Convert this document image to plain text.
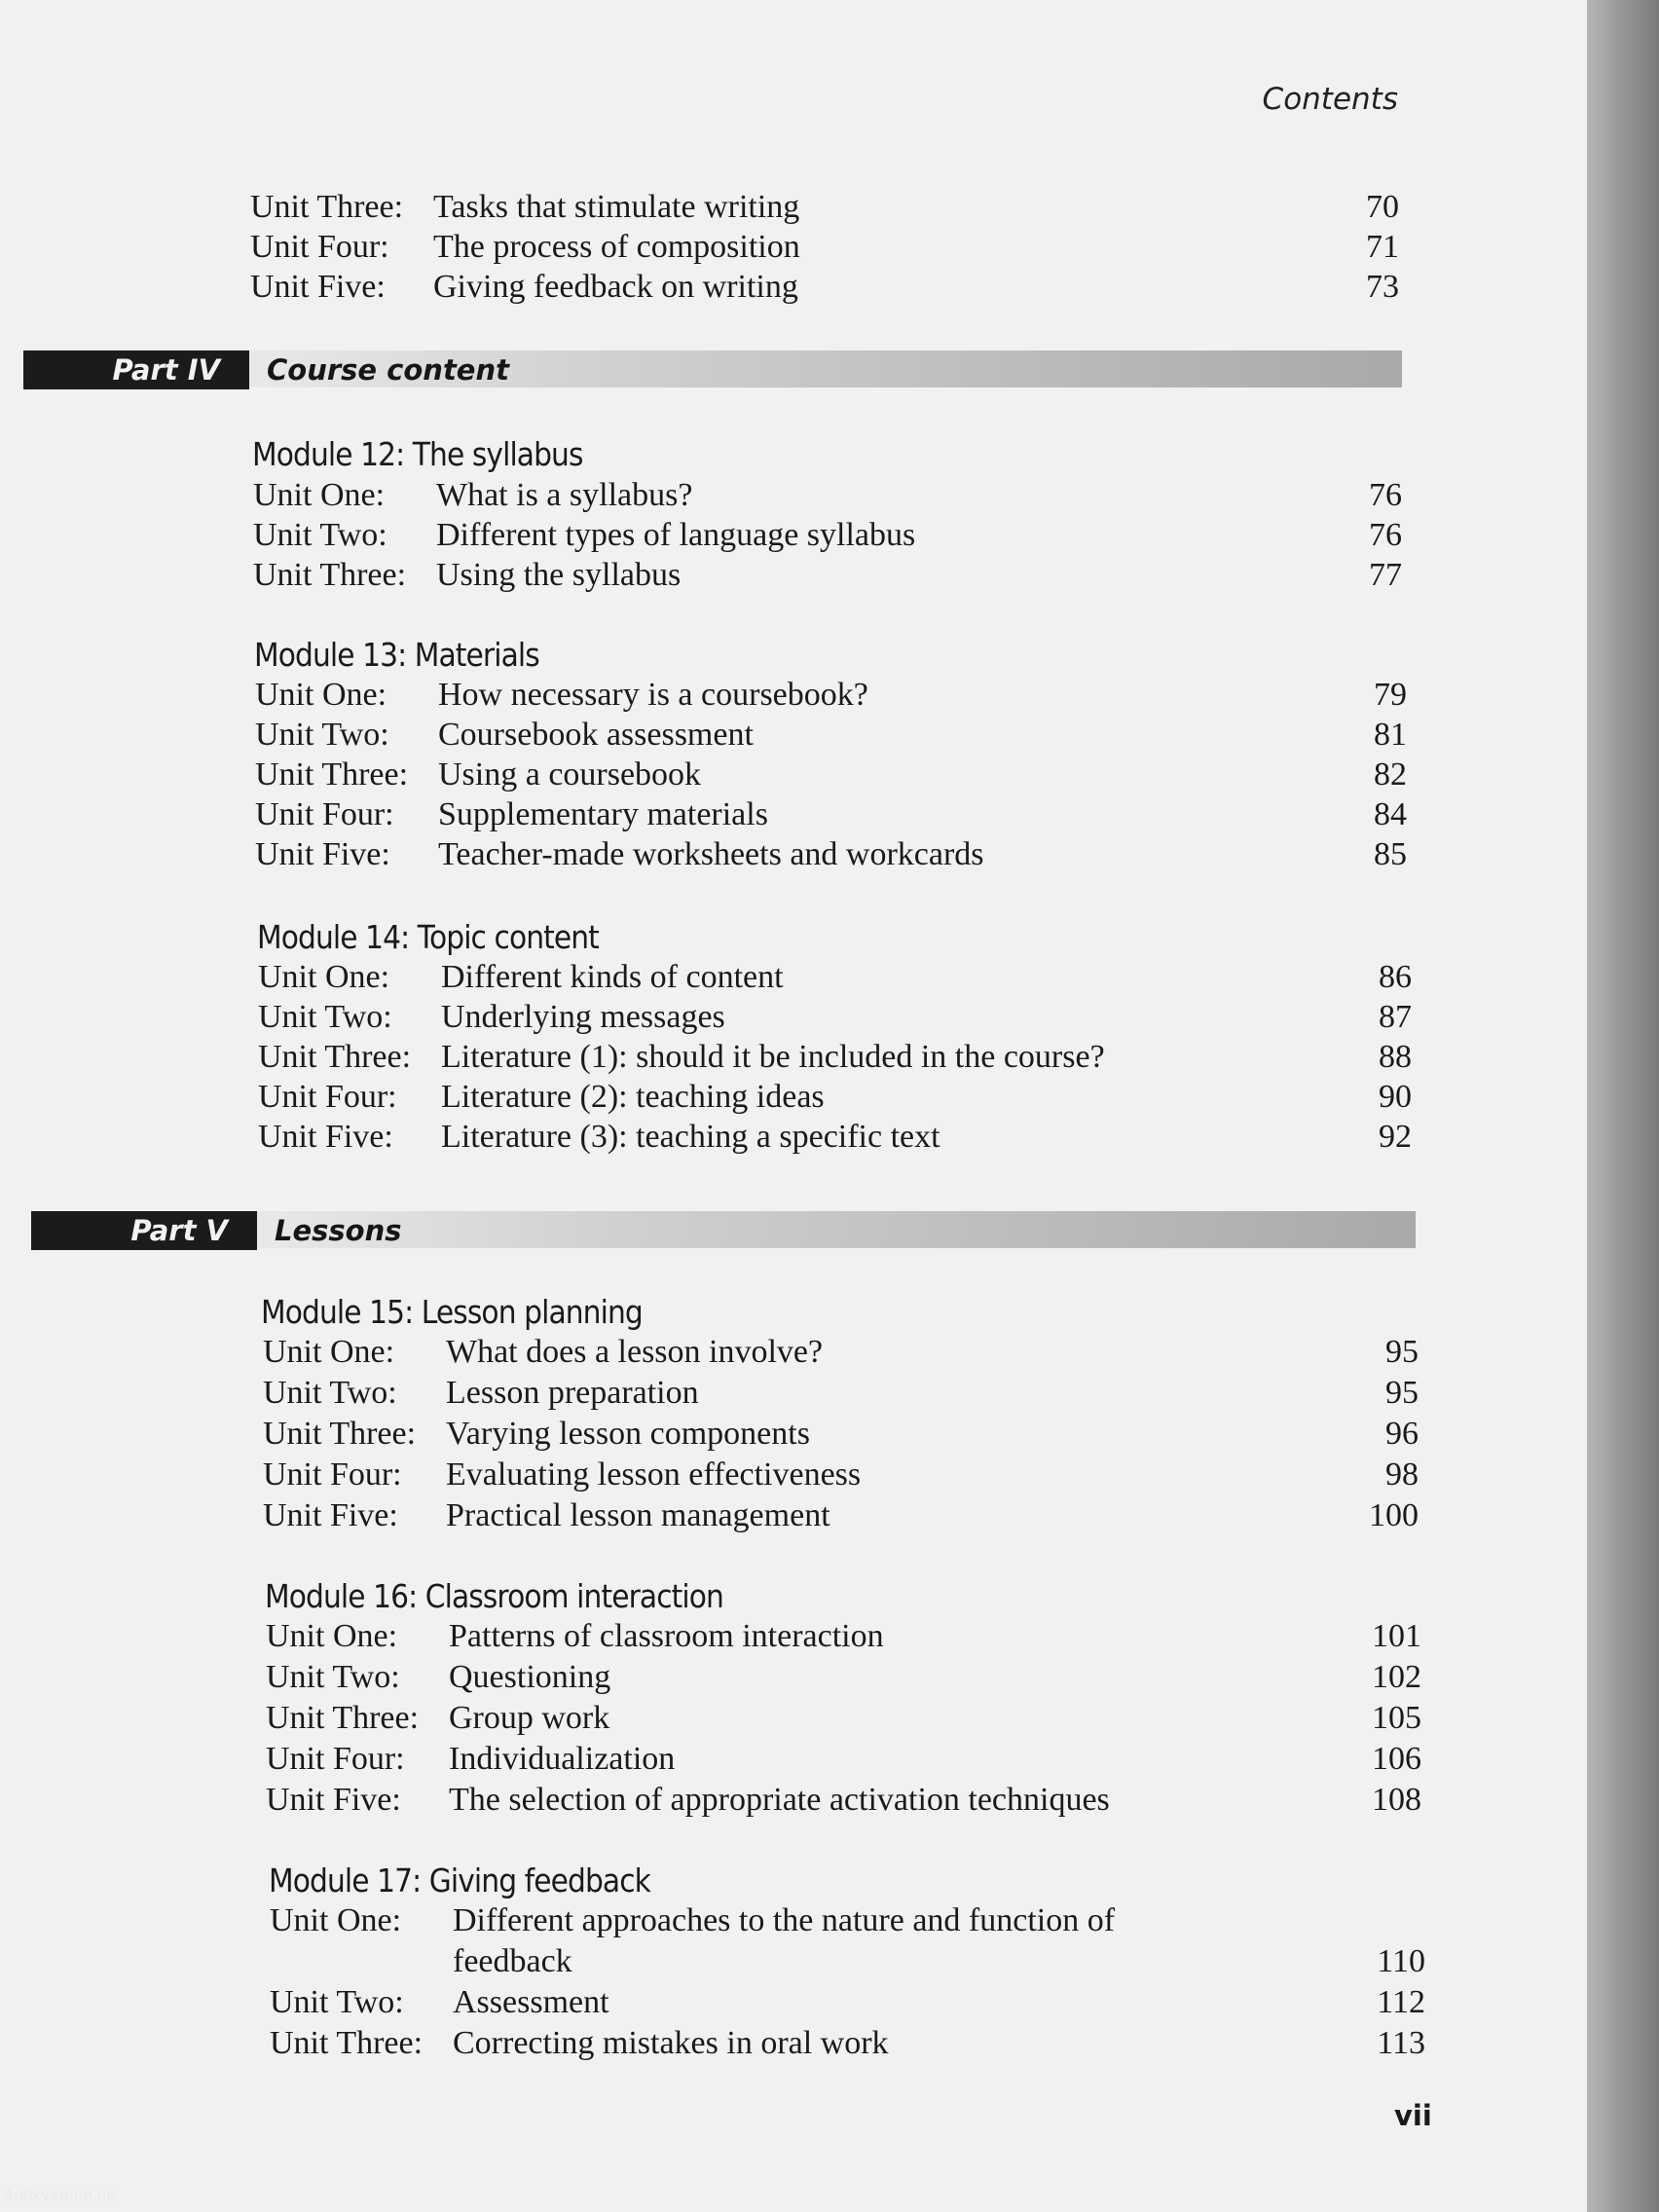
Contents
Unit Three: Tasks that stimulate writing	70
Unit Four: The process of composition	71
Unit Five: Giving feedback on writing	73
Part IV Course content
Module 12: The syllabus
Unit One: What is a syllabus?	76
Unit Two: Different types of language syllabus	76
Unit Three: Using the syllabus	77
Module 13: Materials
Unit One: How necessary is a coursebook?	79
Unit Two: Coursebook assessment	81
Unit Three: Using a coursebook	82
Unit Four: Supplementary materials	84
Unit Five: Teacher-made worksheets and workcards	85
Module 14: Topic content
Unit One: Different kinds of content	86
Unit Two: Underlying messages	87
Unit Three: Literature (1): should it be included in the course?	88
Unit Four: Literature (2): teaching ideas	90
Unit Five: Literature (3): teaching a specific text	92
Part V Lessons
Module 15: Lesson planning
Unit One: What does a lesson involve?	95
Unit Two: Lesson preparation	95
Unit Three: Varying lesson components	96
Unit Four: Evaluating lesson effectiveness	98
Unit Five: Practical lesson management	100
Module 16: Classroom interaction
Unit One: Patterns of classroom interaction	101
Unit Two: Questioning	102
Unit Three: Group work	105
Unit Four: Individualization	106
Unit Five: The selection of appropriate activation techniques	108
Module 17: Giving feedback
Unit One: Different approaches to the nature and function of
feedback	110
Unit Two: Assessment	112
Unit Three: Correcting mistakes in oral work	113
vii
Antikvarium.hu
